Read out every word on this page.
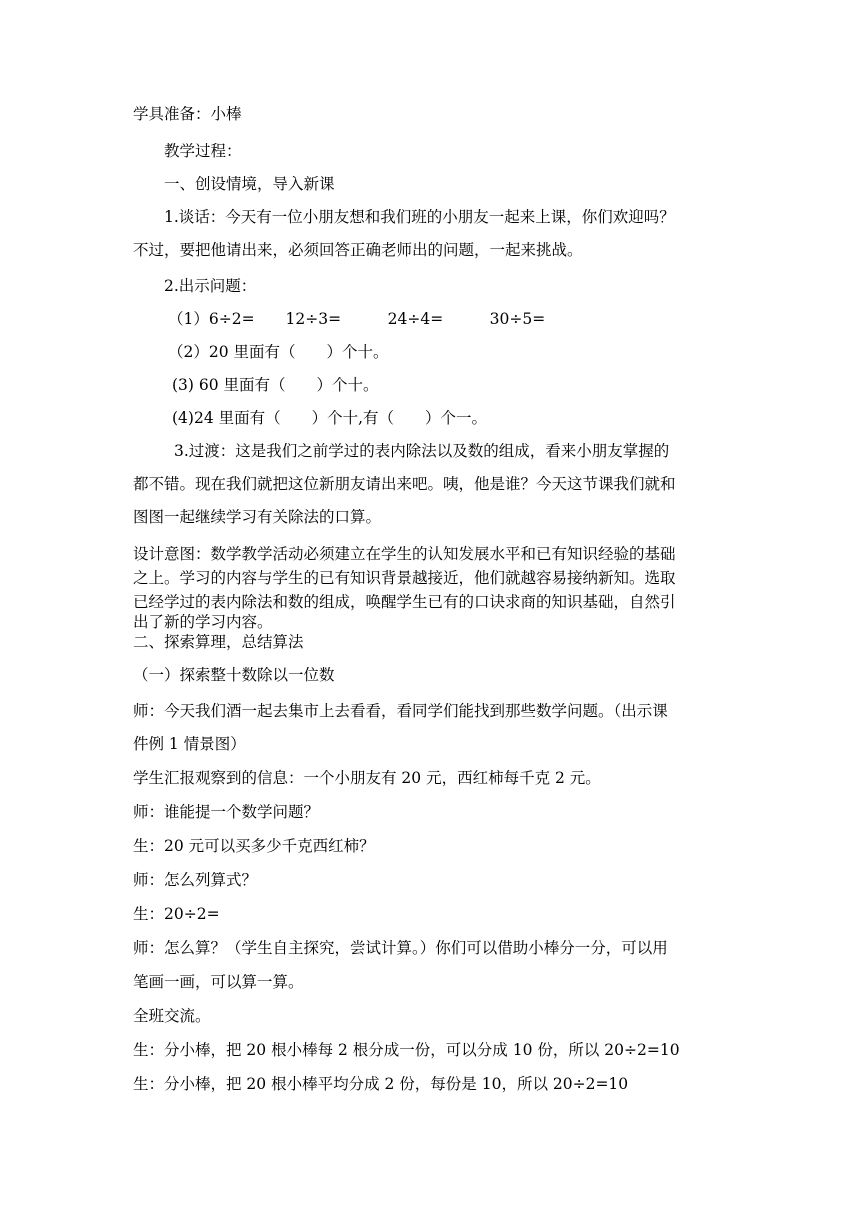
学具准备：小棒
教学过程：
一、创设情境，导入新课
1.谈话：今天有一位小朋友想和我们班的小朋友一起来上课，你们欢迎吗？
不过，要把他请出来，必须回答正确老师出的问题，一起来挑战。
2.出示问题：
（1）6÷2=　　12÷3=　　　24÷4=　　　30÷5=
（2）20 里面有（　　）个十。
(3) 60 里面有（　　）个十。
(4)24 里面有（　　）个十,有（　　）个一。
3.过渡：这是我们之前学过的表内除法以及数的组成，看来小朋友掌握的
都不错。现在我们就把这位新朋友请出来吧。咦，他是谁？今天这节课我们就和
图图一起继续学习有关除法的口算。
设计意图：数学教学活动必须建立在学生的认知发展水平和已有知识经验的基础
之上。学习的内容与学生的已有知识背景越接近，他们就越容易接纳新知。选取
已经学过的表内除法和数的组成，唤醒学生已有的口诀求商的知识基础，自然引
出了新的学习内容。
二、探索算理，总结算法
（一）探索整十数除以一位数
师：今天我们酒一起去集市上去看看，看同学们能找到那些数学问题。（出示课
件例 1 情景图）
学生汇报观察到的信息：一个小朋友有 20 元，西红柿每千克 2 元。
师：谁能提一个数学问题？
生：20 元可以买多少千克西红柿？
师：怎么列算式？
生：20÷2=
师：怎么算？（学生自主探究，尝试计算。）你们可以借助小棒分一分，可以用
笔画一画，可以算一算。
全班交流。
生：分小棒，把 20 根小棒每 2 根分成一份，可以分成 10 份，所以 20÷2=10
生：分小棒，把 20 根小棒平均分成 2 份，每份是 10，所以 20÷2=10
